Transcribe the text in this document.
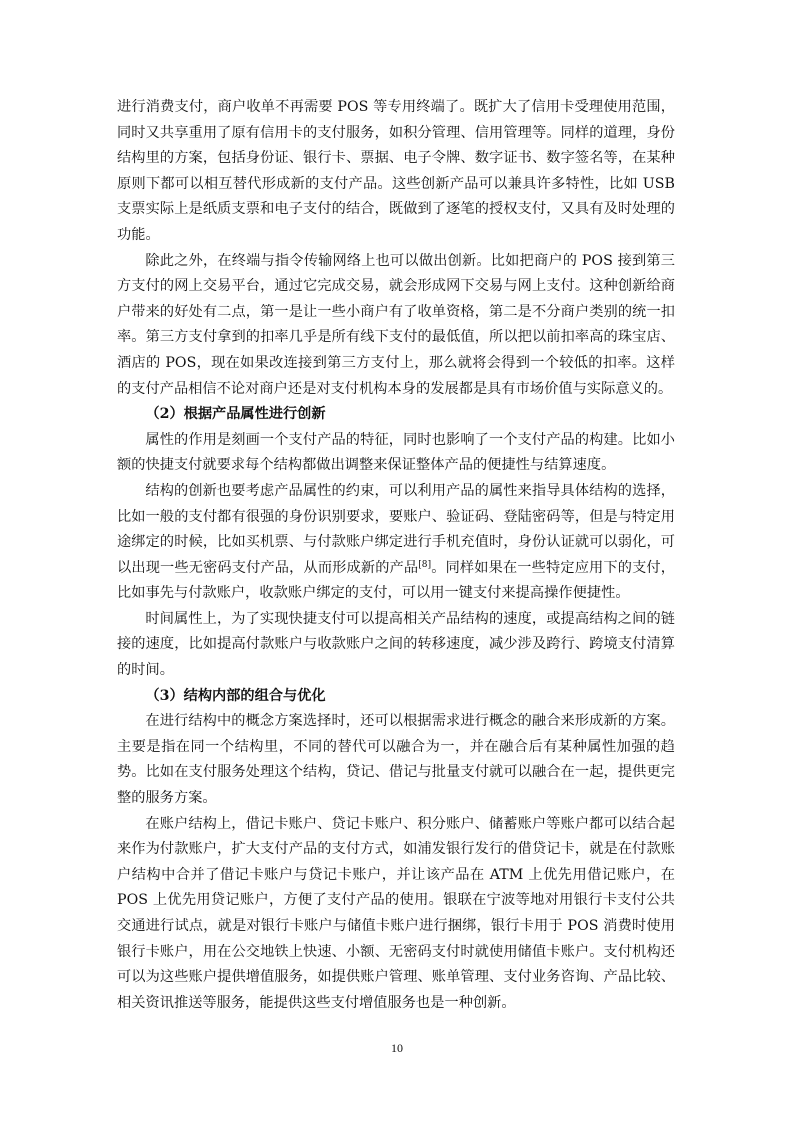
进行消费支付，商户收单不再需要 POS 等专用终端了。既扩大了信用卡受理使用范围，同时又共享重用了原有信用卡的支付服务，如积分管理、信用管理等。同样的道理，身份结构里的方案，包括身份证、银行卡、票据、电子令牌、数字证书、数字签名等，在某种原则下都可以相互替代形成新的支付产品。这些创新产品可以兼具许多特性，比如 USB 支票实际上是纸质支票和电子支付的结合，既做到了逐笔的授权支付，又具有及时处理的功能。

除此之外，在终端与指令传输网络上也可以做出创新。比如把商户的 POS 接到第三方支付的网上交易平台，通过它完成交易，就会形成网下交易与网上支付。这种创新给商户带来的好处有二点，第一是让一些小商户有了收单资格，第二是不分商户类别的统一扣率。第三方支付拿到的扣率几乎是所有线下支付的最低值，所以把以前扣率高的珠宝店、酒店的 POS，现在如果改连接到第三方支付上，那么就将会得到一个较低的扣率。这样的支付产品相信不论对商户还是对支付机构本身的发展都是具有市场价值与实际意义的。

（2）根据产品属性进行创新

属性的作用是刻画一个支付产品的特征，同时也影响了一个支付产品的构建。比如小额的快捷支付就要求每个结构都做出调整来保证整体产品的便捷性与结算速度。

结构的创新也要考虑产品属性的约束，可以利用产品的属性来指导具体结构的选择，比如一般的支付都有很强的身份识别要求，要账户、验证码、登陆密码等，但是与特定用途绑定的时候，比如买机票、与付款账户绑定进行手机充值时，身份认证就可以弱化，可以出现一些无密码支付产品，从而形成新的产品[8]。同样如果在一些特定应用下的支付，比如事先与付款账户，收款账户绑定的支付，可以用一键支付来提高操作便捷性。

时间属性上，为了实现快捷支付可以提高相关产品结构的速度，或提高结构之间的链接的速度，比如提高付款账户与收款账户之间的转移速度，减少涉及跨行、跨境支付清算的时间。

（3）结构内部的组合与优化

在进行结构中的概念方案选择时，还可以根据需求进行概念的融合来形成新的方案。主要是指在同一个结构里，不同的替代可以融合为一，并在融合后有某种属性加强的趋势。比如在支付服务处理这个结构，贷记、借记与批量支付就可以融合在一起，提供更完整的服务方案。

在账户结构上，借记卡账户、贷记卡账户、积分账户、储蓄账户等账户都可以结合起来作为付款账户，扩大支付产品的支付方式，如浦发银行发行的借贷记卡，就是在付款账户结构中合并了借记卡账户与贷记卡账户，并让该产品在 ATM 上优先用借记账户，在 POS 上优先用贷记账户，方便了支付产品的使用。银联在宁波等地对用银行卡支付公共交通进行试点，就是对银行卡账户与储值卡账户进行捆绑，银行卡用于 POS 消费时使用银行卡账户，用在公交地铁上快速、小额、无密码支付时就使用储值卡账户。支付机构还可以为这些账户提供增值服务，如提供账户管理、账单管理、支付业务咨询、产品比较、相关资讯推送等服务，能提供这些支付增值服务也是一种创新。

10
